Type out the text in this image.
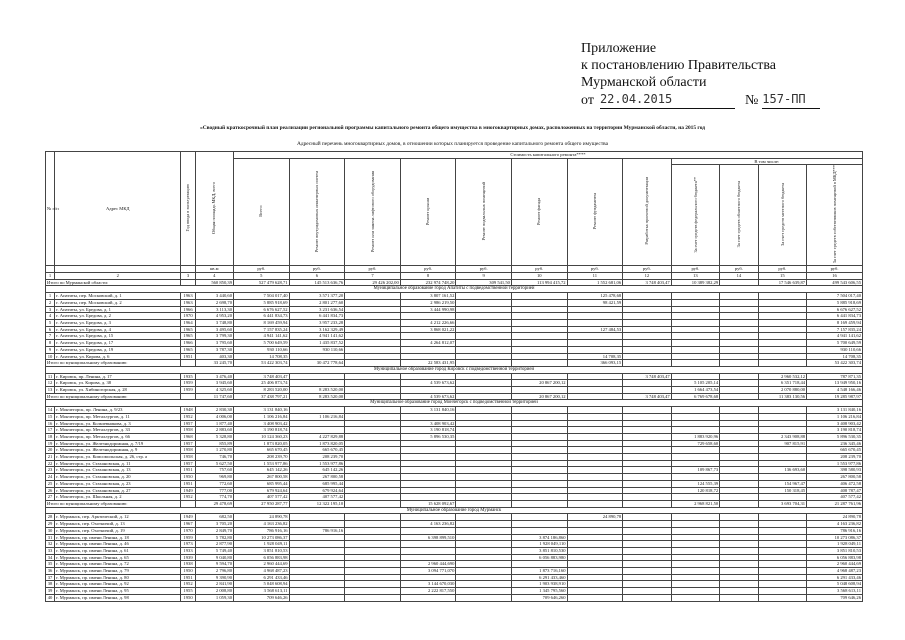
Приложение
к постановлению Правительства
Мурманской области
от 22.04.2015	№ 157-ПП
«Сводный краткосрочный план реализации региональной программы капитального ремонта общего имущества в многоквартирных домах, расположенных на территории Мурманской области, на 2015 год
Адресный перечень многоквартирных домов, в отношении которых планируется проведение капитального ремонта общего имущества
№ п/п	Адрес МКД	Год ввода в эксплуатацию	Общая площадь МКД, всего	Стоимость капитального ремонта****											
				Всего:	Ремонт внутридомовых инженерных систем	Ремонт или замена лифтового оборудования	Ремонт крыши	Ремонт подвальных помещений	Ремонт фасада	Ремонт фундамента	Разработка проектной документации	В том числе:			
												За счет средств федерального бюджета**	За счет средств областного бюджета	За счет средств местного бюджета	За счет средств собственников помещений в МКД***
			кв.м	руб.	руб.	руб.	руб.	руб.	руб.	руб.	руб.	руб.	руб.	руб.	руб.
1	2	3	4	5	6	7	8	9	10	11	12	13	14	15	16
Итого по Мурманской области:			560 850,39	527 479 628,71	145 513 636,76	29 426 202,00	232 974 748,20	309 541,50	113 994 415,72	1 552 681,06	3 748 403,47	10 389 382,29		17 546 639,87	499 543 606,55
Муниципальное образование город Апатиты с подведомственной территорией															
1	г. Апатиты, пер. Московский, д. 1	1963	3 440,60	7 504 017,40	3 571 377,20		3 807 161,52			125 478,68					7 504 017,40
2	г. Апатиты, пер. Московский, д. 2	1963	2 698,70	5 885 918,69	2 801 277,60		2 986 219,50			98 421,59					5 885 918,69
3	г. Апатиты, ул. Бредова, д. 1	1966	3 113,30	6 676 627,52	3 231 636,54		3 444 990,98								6 676 627,52
4	г. Апатиты, ул. Бредова, д. 2	1970	4 953,20	6 441 834,73	6 441 834,73										6 441 834,73
5	г. Апатиты, ул. Бредова, д. 3	1964	3 748,80	8 169 459,94	3 957 233,28		4 212 226,66								8 169 459,94
6	г. Апатиты, ул. Бредова, д. 4	1965	3 495,60	7 157 835,24	3 162 329,49		3 868 021,22			127 484,53					7 157 835,24
7	г. Апатиты, ул. Бредова, д. 15	1965	3 799,30	4 941 141,62	4 941 141,62										4 941 141,62
8	г. Апатиты, ул. Бредова, д. 17	1966	3 795,60	5 700 649,59	1 435 837,52		4 264 812,07								5 700 649,59
9	г. Апатиты, ул. Бредова, д. 19	1965	3 787,30	930 110,66	930 110,66										930 110,66
10	г. Апатиты, ул. Кирова, д. 6	1951	403,30	14 708,35						14 708,35					14 708,35
Итого по муниципальному образованию:			33 245,70	53 422 303,74	30 472 778,64		22 583 431,95			366 093,15					53 422 303,74
Муниципальное образование город Кировск с подведомственной территорией															
11	г. Кировск, пр. Ленина, д. 17	1935	3 476,40	3 748 403,47							3 748 403,47			2 960 532,12	787 871,35
12	г. Кировск, ул. Кирова, д. 38	1959	3 945,60	25 406 873,74			4 539 673,62		20 867 200,12			5 105 205,14		6 351 718,44	13 949 950,16
13	г. Кировск, ул. Хибиногорская, д. 28	1959	4 325,60	8 283 520,00	8 283 520,00							1 664 473,54		2 070 880,00	4 548 166,46
Итого по муниципальному образованию:			11 747,60	37 438 797,21	8 283 520,00		4 539 673,62		20 867 200,12		3 748 403,47	6 769 678,68		11 383 130,56	19 285 987,97
Муниципальное образование город Мончегорск с подведомственной территорией															
14	г. Мончегорск, пр. Ленина, д. 9/23	1948	2 830,30	3 131 840,16			3 131 840,16								3 131 840,16
15	г. Мончегорск, пр. Металлургов, д. 11	1952	4 006,00	1 106 216,84	1 106 216,84										1 106 216,84
16	г. Мончегорск, ул. Кольчевникова, д. 3	1957	1 877,40	3 408 903,42			3 408 903,42								3 408 903,42
17	г. Мончегорск, пр. Металлургов, д. 33	1958	2 883,60	3 190 818,74			3 190 818,74								3 190 818,74
18	г. Мончегорск, пр. Металлургов, д. 66	1968	5 328,80	10 124 360,23	4 227 829,88		5 896 530,35					1 883 920,96		2 343 908,88	5 896 530,35
19	г. Мончегорск, ул. Железнодорожная, д. 7/19	1957	855,89	1 873 820,05	1 873 820,05							729 658,60		907 815,91	236 345,46
20	г. Мончегорск, ул. Железнодорожная, д. 9	1958	1 270,80	665 670,45	665 670,45										665 670,45
21	г. Мончегорск, ул. Комсомольская, д. 26, стр. а	1958	746,70	208 239,70	208 239,70										208 239,70
22	г. Мончегорск, ул. Стахановская, д. 11	1957	5 627,50	1 553 977,86	1 553 977,86										1 553 977,86
23	г. Мончегорск, ул. Стахановская, д. 13	1951	757,60	645 142,26	645 142,26							109 867,73		136 693,60	398 580,93
24	г. Мончегорск, ул. Стахановская, д. 20	1950	969,80	267 800,58	267 800,58										267 800,58
25	г. Мончегорск, ул. Стахановская, д. 23	1951	772,60	685 995,44	685 995,44							124 555,39		154 967,47	406 472,58
26	г. Мончегорск, ул. Стахановская, д. 27	1949	777,00	679 924,64	679 924,64							120 818,72		150 318,45	408 787,47
27	г. Мончегорск, ул. Школьная, д. 2	1952	774,70	407 577,42	407 577,42										407 577,42
Итого по муниципальному образованию:			29 478,69	27 950 287,77	12 322 195,10		15 628 092,67					2 968 821,50		3 693 704,31	21 287 761,96
Муниципальное образование город Мурманск															
28	г. Мурманск, пер. Арктический, д. 12	1949	682,50	24 890,78						24 890,78					24 890,78
29	г. Мурманск, пер. Охотничий, д. 13	1967	3 705,20	4 163 236,82			4 163 236,82								4 163 236,82
30	г. Мурманск, пер. Охотничий, д. 19	1970	2 849,70	786 916,16	786 916,16										786 916,16
31	г. Мурманск, пр. имени Ленина, д. 18	1959	5 782,80	10 273 086,37			6 398 899,510		3 874 186,860						10 273 086,37
32	г. Мурманск, пр. имени Ленина, д. 46	1973	2 877,90	1 928 049,11					1 928 049,110						1 928 049,11
33	г. Мурманск, пр. имени Ленина, д. 61	1933	5 749,40	3 851 810,53					3 851 810,530						3 851 810,53
34	г. Мурманск, пр. имени Ленина, д. 65	1939	9 040,80	6 056 883,98					6 056 883,980						6 056 883,98
35	г. Мурманск, пр. имени Ленина, д. 72	1938	9 594,70	2 960 444,69			2 960 444,690								2 960 444,69
36	г. Мурманск, пр. имени Ленина, д. 79	1950	2 796,80	4 968 487,23			3 094 771,070		1 873 716,160						4 968 487,23
37	г. Мурманск, пр. имени Ленина, д. 80	1951	9 390,90	6 291 433,46					6 291 433,460						6 291 433,46
38	г. Мурманск, пр. имени Ленина, д. 92	1952	2 841,90	5 048 608,94			3 144 670,030		1 903 938,910						5 048 608,94
39	г. Мурманск, пр. имени Ленина, д. 95	1955	2 008,80	3 568 613,11			2 222 817,550		1 345 795,560						3 568 613,11
40	г. Мурманск, пр. имени Ленина, д. 98	1950	1 059,30	709 646,26					709 646,260						709 646,26
